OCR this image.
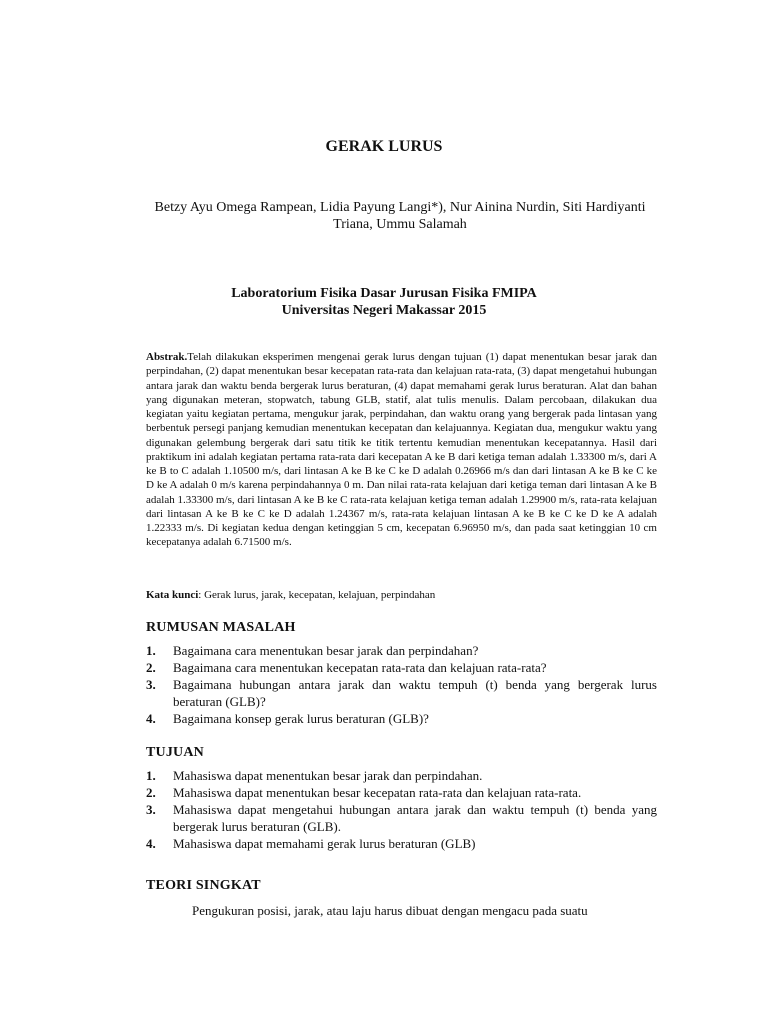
GERAK LURUS
Betzy Ayu Omega Rampean, Lidia Payung Langi*), Nur Ainina Nurdin, Siti Hardiyanti Triana, Ummu Salamah
Laboratorium Fisika Dasar Jurusan Fisika FMIPA
Universitas Negeri Makassar 2015
Abstrak.Telah dilakukan eksperimen mengenai gerak lurus dengan tujuan (1) dapat menentukan besar jarak dan perpindahan, (2) dapat menentukan besar kecepatan rata-rata dan kelajuan rata-rata, (3) dapat mengetahui hubungan antara jarak dan waktu benda bergerak lurus beraturan, (4) dapat memahami gerak lurus beraturan. Alat dan bahan yang digunakan meteran, stopwatch, tabung GLB, statif, alat tulis menulis. Dalam percobaan, dilakukan dua kegiatan yaitu kegiatan pertama, mengukur jarak, perpindahan, dan waktu orang yang bergerak pada lintasan yang berbentuk persegi panjang kemudian menentukan kecepatan dan kelajuannya. Kegiatan dua, mengukur waktu yang digunakan gelembung bergerak dari satu titik ke titik tertentu kemudian menentukan kecepatannya. Hasil dari praktikum ini adalah kegiatan pertama rata-rata dari kecepatan A ke B dari ketiga teman adalah 1.33300 m/s, dari A ke B to C adalah 1.10500 m/s, dari lintasan A ke B ke C ke D adalah 0.26966 m/s dan dari lintasan A ke B ke C ke D ke A adalah 0 m/s karena perpindahannya 0 m. Dan nilai rata-rata kelajuan dari ketiga teman dari lintasan A ke B adalah 1.33300 m/s, dari lintasan A ke B ke C rata-rata kelajuan ketiga teman adalah 1.29900 m/s, rata-rata kelajuan dari lintasan A ke B ke C ke D adalah 1.24367 m/s, rata-rata kelajuan lintasan A ke B ke C ke D ke A adalah 1.22333 m/s. Di kegiatan kedua dengan ketinggian 5 cm, kecepatan 6.96950 m/s, dan pada saat ketinggian 10 cm kecepatanya adalah 6.71500 m/s.
Kata kunci: Gerak lurus, jarak, kecepatan, kelajuan, perpindahan
RUMUSAN MASALAH
1.	Bagaimana cara menentukan besar jarak dan perpindahan?
2.	Bagaimana cara menentukan kecepatan rata-rata dan kelajuan rata-rata?
3.	Bagaimana hubungan antara jarak dan waktu tempuh (t) benda yang bergerak lurus beraturan (GLB)?
4.	Bagaimana konsep gerak lurus beraturan (GLB)?
TUJUAN
1.	Mahasiswa dapat menentukan besar jarak dan perpindahan.
2.	Mahasiswa dapat menentukan besar kecepatan rata-rata dan kelajuan rata-rata.
3.	Mahasiswa dapat mengetahui hubungan antara jarak dan waktu tempuh (t) benda yang bergerak lurus beraturan (GLB).
4.	Mahasiswa dapat memahami gerak lurus beraturan (GLB)
TEORI SINGKAT
Pengukuran posisi, jarak, atau laju harus dibuat dengan mengacu pada suatu
